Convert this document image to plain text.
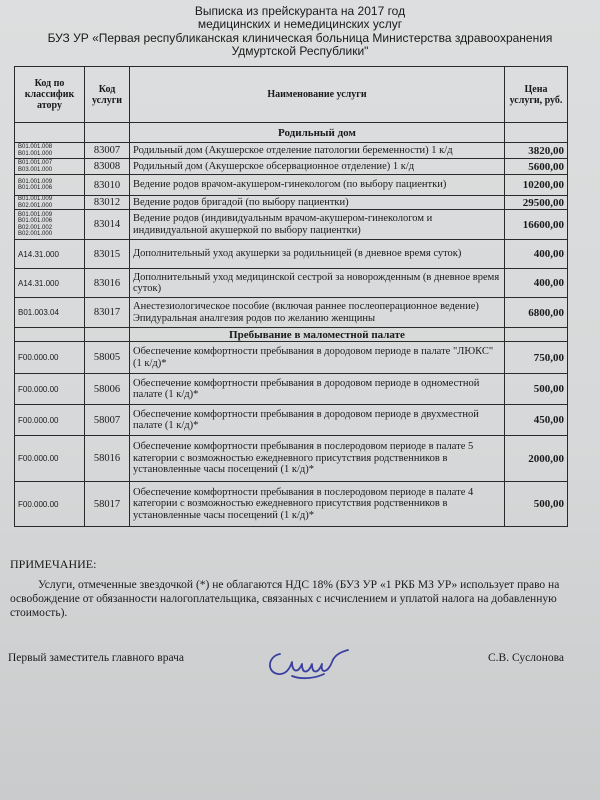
Выписка из прейскуранта на 2017 год
медицинских и немедицинских услуг
БУЗ УР «Первая республиканская клиническая больница Министерства здравоохранения Удмуртской Республики"
Код по классифик атору	Код услуги	Наименование услуги	Цена услуги, руб.
		Родильный дом	
B01.001.008
B01.001.000	83007	Родильный дом (Акушерское отделение патологии беременности) 1 к/д	3820,00
B01.001.007
B03.001.000	83008	Родильный дом (Акушерское обсервационное отделение) 1 к/д	5600,00
B01.001.009
B01.001.006	83010	Ведение родов врачом-акушером-гинекологом (по выбору пациентки)	10200,00
B01.001.009
B02.001.000	83012	Ведение родов бригадой (по выбору пациентки)	29500,00
B01.001.009
B01.001.006
B02.001.002
B02.001.000	83014	Ведение родов (индивидуальным врачом-акушером-гинекологом и индивидуальной акушеркой по выбору пациентки)	16600,00
A14.31.000	83015	Дополнительный уход акушерки за родильницей (в дневное время суток)	400,00
A14.31.000	83016	Дополнительный уход медицинской сестрой за новорожденным (в дневное время суток)	400,00
B01.003.04	83017	Анестезиологическое пособие (включая раннее послеоперационное ведение) Эпидуральная аналгезия родов по желанию женщины	6800,00
		Пребывание в маломестной палате	
F00.000.00	58005	Обеспечение комфортности пребывания в дородовом периоде в палате "ЛЮКС" (1 к/д)*	750,00
F00.000.00	58006	Обеспечение комфортности пребывания в дородовом периоде в одноместной палате (1 к/д)*	500,00
F00.000.00	58007	Обеспечение комфортности пребывания в дородовом периоде в двухместной палате (1 к/д)*	450,00
F00.000.00	58016	Обеспечение комфортности пребывания в послеродовом периоде в палате 5 категории с возможностью ежедневного присутствия родственников в установленные часы посещений (1 к/д)*	2000,00
F00.000.00	58017	Обеспечение комфортности пребывания в послеродовом периоде в палате 4 категории с возможностью ежедневного присутствия родственников в установленные часы посещений (1 к/д)*	500,00
ПРИМЕЧАНИЕ:
Услуги, отмеченные звездочкой (*) не облагаются НДС 18% (БУЗ УР «1 РКБ МЗ УР» использует право на освобождение от обязанности налогоплательщика, связанных с исчислением и уплатой налога на добавленную стоимость).
Первый заместитель главного врача	С.В. Суслонова
